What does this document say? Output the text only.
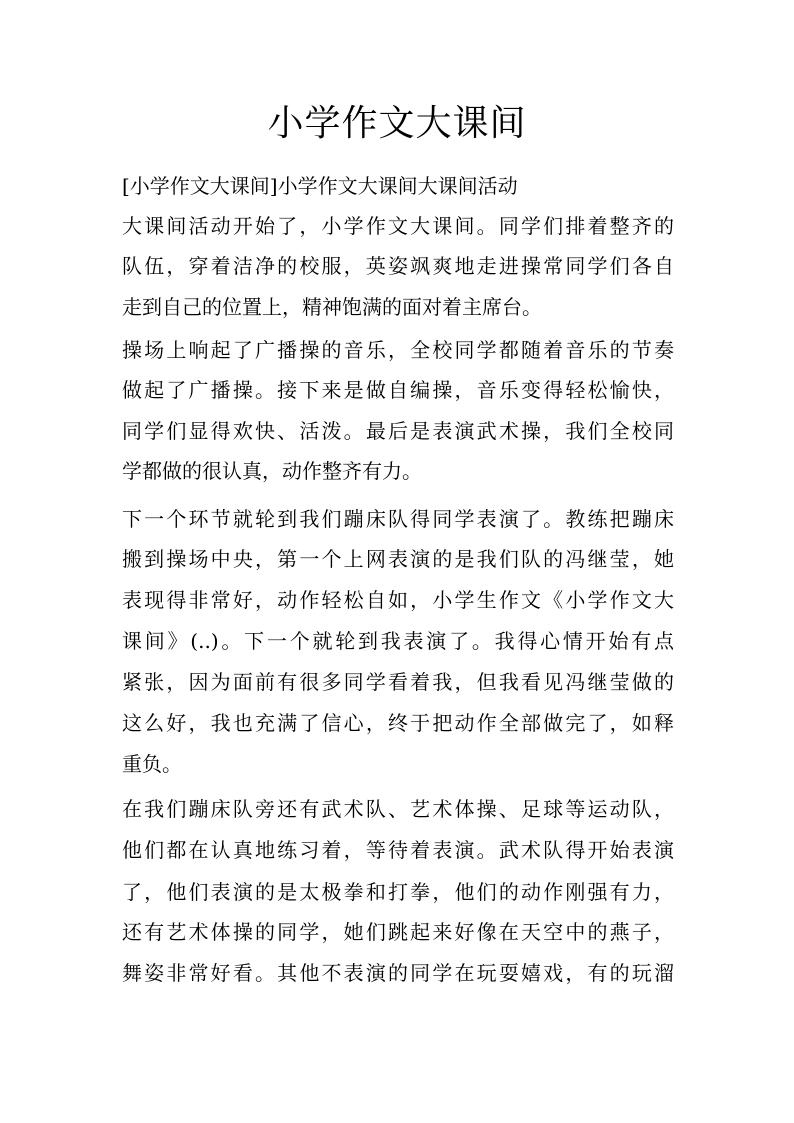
小学作文大课间

[小学作文大课间]小学作文大课间大课间活动

大课间活动开始了，小学作文大课间。同学们排着整齐的
队伍，穿着洁净的校服，英姿飒爽地走进操常同学们各自
走到自己的位置上，精神饱满的面对着主席台。
操场上响起了广播操的音乐，全校同学都随着音乐的节奏
做起了广播操。接下来是做自编操，音乐变得轻松愉快，
同学们显得欢快、活泼。最后是表演武术操，我们全校同
学都做的很认真，动作整齐有力。
下一个环节就轮到我们蹦床队得同学表演了。教练把蹦床
搬到操场中央，第一个上网表演的是我们队的冯继莹，她
表现得非常好，动作轻松自如，小学生作文《小学作文大
课间》(..)。下一个就轮到我表演了。我得心情开始有点
紧张，因为面前有很多同学看着我，但我看见冯继莹做的
这么好，我也充满了信心，终于把动作全部做完了，如释
重负。
在我们蹦床队旁还有武术队、艺术体操、足球等运动队，
他们都在认真地练习着，等待着表演。武术队得开始表演
了，他们表演的是太极拳和打拳，他们的动作刚强有力，
还有艺术体操的同学，她们跳起来好像在天空中的燕子，
舞姿非常好看。其他不表演的同学在玩耍嬉戏，有的玩溜
